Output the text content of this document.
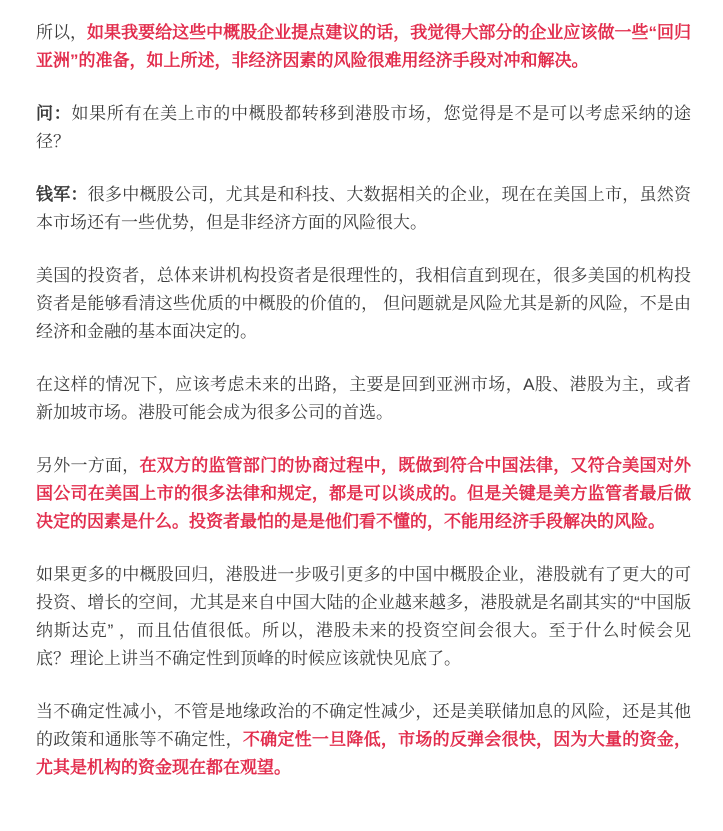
所以，如果我要给这些中概股企业提点建议的话，我觉得大部分的企业应该做一些“回归亚洲”的准备，如上所述，非经济因素的风险很难用经济手段对冲和解决。

问：如果所有在美上市的中概股都转移到港股市场，您觉得是不是可以考虑采纳的途径？

钱军：很多中概股公司，尤其是和科技、大数据相关的企业，现在在美国上市，虽然资本市场还有一些优势，但是非经济方面的风险很大。

美国的投资者，总体来讲机构投资者是很理性的，我相信直到现在，很多美国的机构投资者是能够看清这些优质的中概股的价值的， 但问题就是风险尤其是新的风险，不是由经济和金融的基本面决定的。

在这样的情况下，应该考虑未来的出路，主要是回到亚洲市场，A股、港股为主，或者新加坡市场。港股可能会成为很多公司的首选。

另外一方面，在双方的监管部门的协商过程中，既做到符合中国法律，又符合美国对外国公司在美国上市的很多法律和规定，都是可以谈成的。但是关键是美方监管者最后做决定的因素是什么。投资者最怕的是是他们看不懂的，不能用经济手段解决的风险。

如果更多的中概股回归，港股进一步吸引更多的中国中概股企业，港股就有了更大的可投资、增长的空间，尤其是来自中国大陆的企业越来越多，港股就是名副其实的“中国版纳斯达克” ，而且估值很低。所以，港股未来的投资空间会很大。至于什么时候会见底？理论上讲当不确定性到顶峰的时候应该就快见底了。

当不确定性减小，不管是地缘政治的不确定性减少，还是美联储加息的风险，还是其他的政策和通胀等不确定性，不确定性一旦降低，市场的反弹会很快，因为大量的资金，尤其是机构的资金现在都在观望。
